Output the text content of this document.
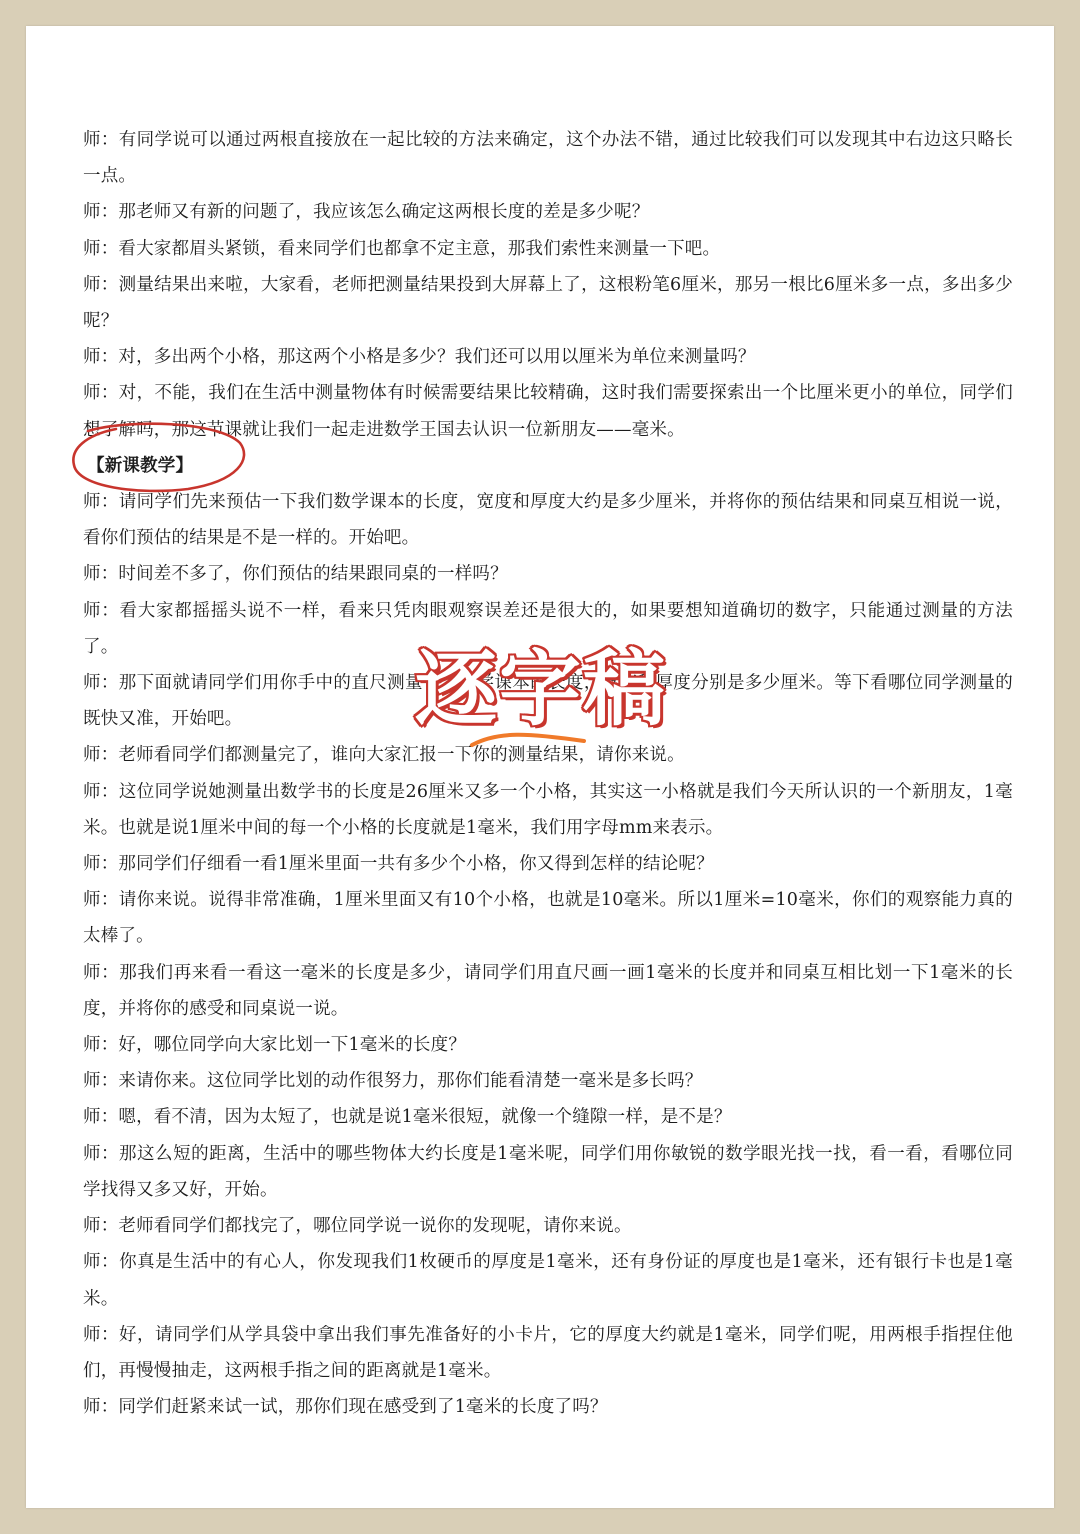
师：有同学说可以通过两根直接放在一起比较的方法来确定，这个办法不错，通过比较我们可以发现其中右边这只略长一点。

师：那老师又有新的问题了，我应该怎么确定这两根长度的差是多少呢？

师：看大家都眉头紧锁，看来同学们也都拿不定主意，那我们索性来测量一下吧。

师：测量结果出来啦，大家看，老师把测量结果投到大屏幕上了，这根粉笔6厘米，那另一根比6厘米多一点，多出多少呢？

师：对，多出两个小格，那这两个小格是多少？我们还可以用以厘米为单位来测量吗？

师：对，不能，我们在生活中测量物体有时候需要结果比较精确，这时我们需要探索出一个比厘米更小的单位，同学们想了解吗，那这节课就让我们一起走进数学王国去认识一位新朋友——毫米。

【新课教学】

师：请同学们先来预估一下我们数学课本的长度，宽度和厚度大约是多少厘米，并将你的预估结果和同桌互相说一说，看你们预估的结果是不是一样的。开始吧。

师：时间差不多了，你们预估的结果跟同桌的一样吗？

师：看大家都摇摇头说不一样，看来只凭肉眼观察误差还是很大的，如果要想知道确切的数字，只能通过测量的方法了。

师：那下面就请同学们用你手中的直尺测量一下数学课本的长度，宽度和厚度分别是多少厘米。等下看哪位同学测量的既快又准，开始吧。

师：老师看同学们都测量完了，谁向大家汇报一下你的测量结果，请你来说。

师：这位同学说她测量出数学书的长度是26厘米又多一个小格，其实这一小格就是我们今天所认识的一个新朋友，1毫米。也就是说1厘米中间的每一个小格的长度就是1毫米，我们用字母mm来表示。

师：那同学们仔细看一看1厘米里面一共有多少个小格，你又得到怎样的结论呢？

师：请你来说。说得非常准确，1厘米里面又有10个小格，也就是10毫米。所以1厘米=10毫米，你们的观察能力真的太棒了。

师：那我们再来看一看这一毫米的长度是多少，请同学们用直尺画一画1毫米的长度并和同桌互相比划一下1毫米的长度，并将你的感受和同桌说一说。

师：好，哪位同学向大家比划一下1毫米的长度？

师：来请你来。这位同学比划的动作很努力，那你们能看清楚一毫米是多长吗？

师：嗯，看不清，因为太短了，也就是说1毫米很短，就像一个缝隙一样，是不是？

师：那这么短的距离，生活中的哪些物体大约长度是1毫米呢，同学们用你敏锐的数学眼光找一找，看一看，看哪位同学找得又多又好，开始。

师：老师看同学们都找完了，哪位同学说一说你的发现呢，请你来说。

师：你真是生活中的有心人，你发现我们1枚硬币的厚度是1毫米，还有身份证的厚度也是1毫米，还有银行卡也是1毫米。

师：好，请同学们从学具袋中拿出我们事先准备好的小卡片，它的厚度大约就是1毫米，同学们呢，用两根手指捏住他们，再慢慢抽走，这两根手指之间的距离就是1毫米。

师：同学们赶紧来试一试，那你们现在感受到了1毫米的长度了吗？

逐字稿
